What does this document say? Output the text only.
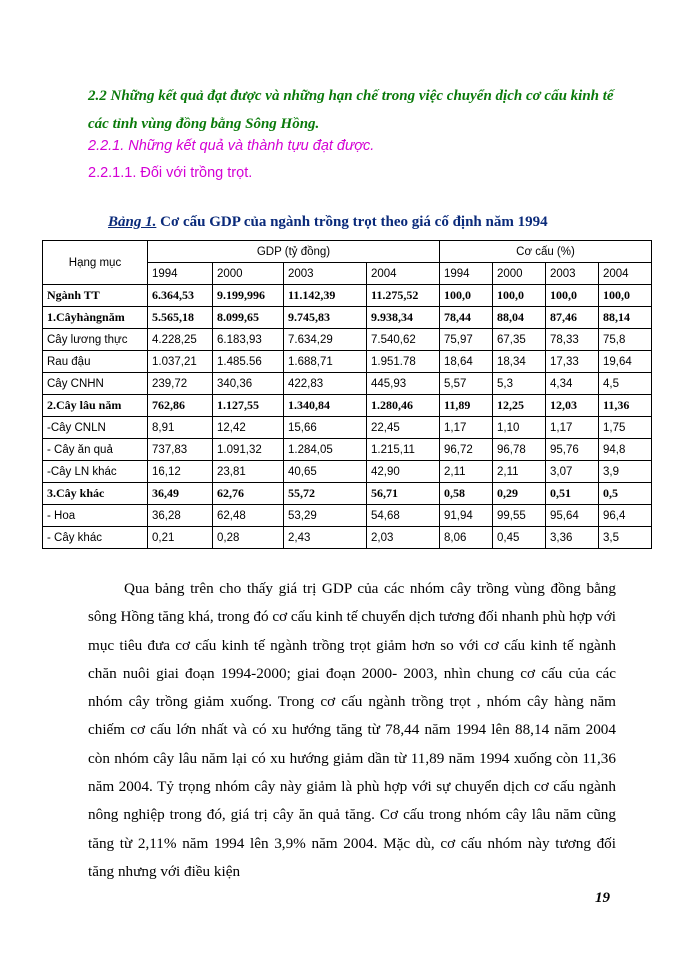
2.2 Những kết quả đạt được và những hạn chế trong việc chuyển dịch cơ cấu kinh tế các tỉnh vùng đồng bằng Sông Hồng.
2.2.1. Những kết quả và thành tựu đạt được.
2.2.1.1. Đối với trồng trọt.
Bảng 1. Cơ cấu GDP của ngành trồng trọt theo giá cố định năm 1994
Hạng mục	GDP (tỷ đồng)				Cơ cấu (%)			
	1994	2000	2003	2004	1994	2000	2003	2004
Ngành TT	6.364,53	9.199,996	11.142,39	11.275,52	100,0	100,0	100,0	100,0
1.Câyhàngnăm	5.565,18	8.099,65	9.745,83	9.938,34	78,44	88,04	87,46	88,14
Cây lương thực	4.228,25	6.183,93	7.634,29	7.540,62	75,97	67,35	78,33	75,8
Rau đậu	1.037,21	1.485.56	1.688,71	1.951.78	18,64	18,34	17,33	19,64
Cây CNHN	239,72	340,36	422,83	445,93	5,57	5,3	4,34	4,5
2.Cây lâu năm	762,86	1.127,55	1.340,84	1.280,46	11,89	12,25	12,03	11,36
-Cây CNLN	8,91	12,42	15,66	22,45	1,17	1,10	1,17	1,75
- Cây ăn quả	737,83	1.091,32	1.284,05	1.215,11	96,72	96,78	95,76	94,8
-Cây LN khác	16,12	23,81	40,65	42,90	2,11	2,11	3,07	3,9
3.Cây khác	36,49	62,76	55,72	56,71	0,58	0,29	0,51	0,5
- Hoa	36,28	62,48	53,29	54,68	91,94	99,55	95,64	96,4
- Cây khác	0,21	0,28	2,43	2,03	8,06	0,45	3,36	3,5
Qua bảng trên cho thấy giá trị GDP của các nhóm cây trồng vùng đồng bằng sông Hồng tăng khá, trong đó cơ cấu kinh tế chuyển dịch tương đối nhanh phù hợp với mục tiêu đưa cơ cấu kinh tế ngành trồng trọt giảm hơn so với cơ cấu kinh tế ngành chăn nuôi giai đoạn 1994-2000; giai đoạn 2000- 2003, nhìn chung cơ cấu của các nhóm cây trồng giảm xuống. Trong cơ cấu ngành trồng trọt , nhóm cây hàng năm chiếm cơ cấu lớn nhất và có xu hướng tăng từ 78,44 năm 1994 lên 88,14 năm 2004 còn nhóm cây lâu năm lại có xu hướng giảm dần từ 11,89 năm 1994 xuống còn 11,36 năm 2004. Tỷ trọng nhóm cây này giảm là phù hợp với sự chuyển dịch cơ cấu ngành nông nghiệp trong đó, giá trị cây ăn quả tăng. Cơ cấu trong nhóm cây lâu năm cũng tăng từ 2,11% năm 1994 lên 3,9% năm 2004. Mặc dù, cơ cấu nhóm này tương đối tăng nhưng với điều kiện
19
